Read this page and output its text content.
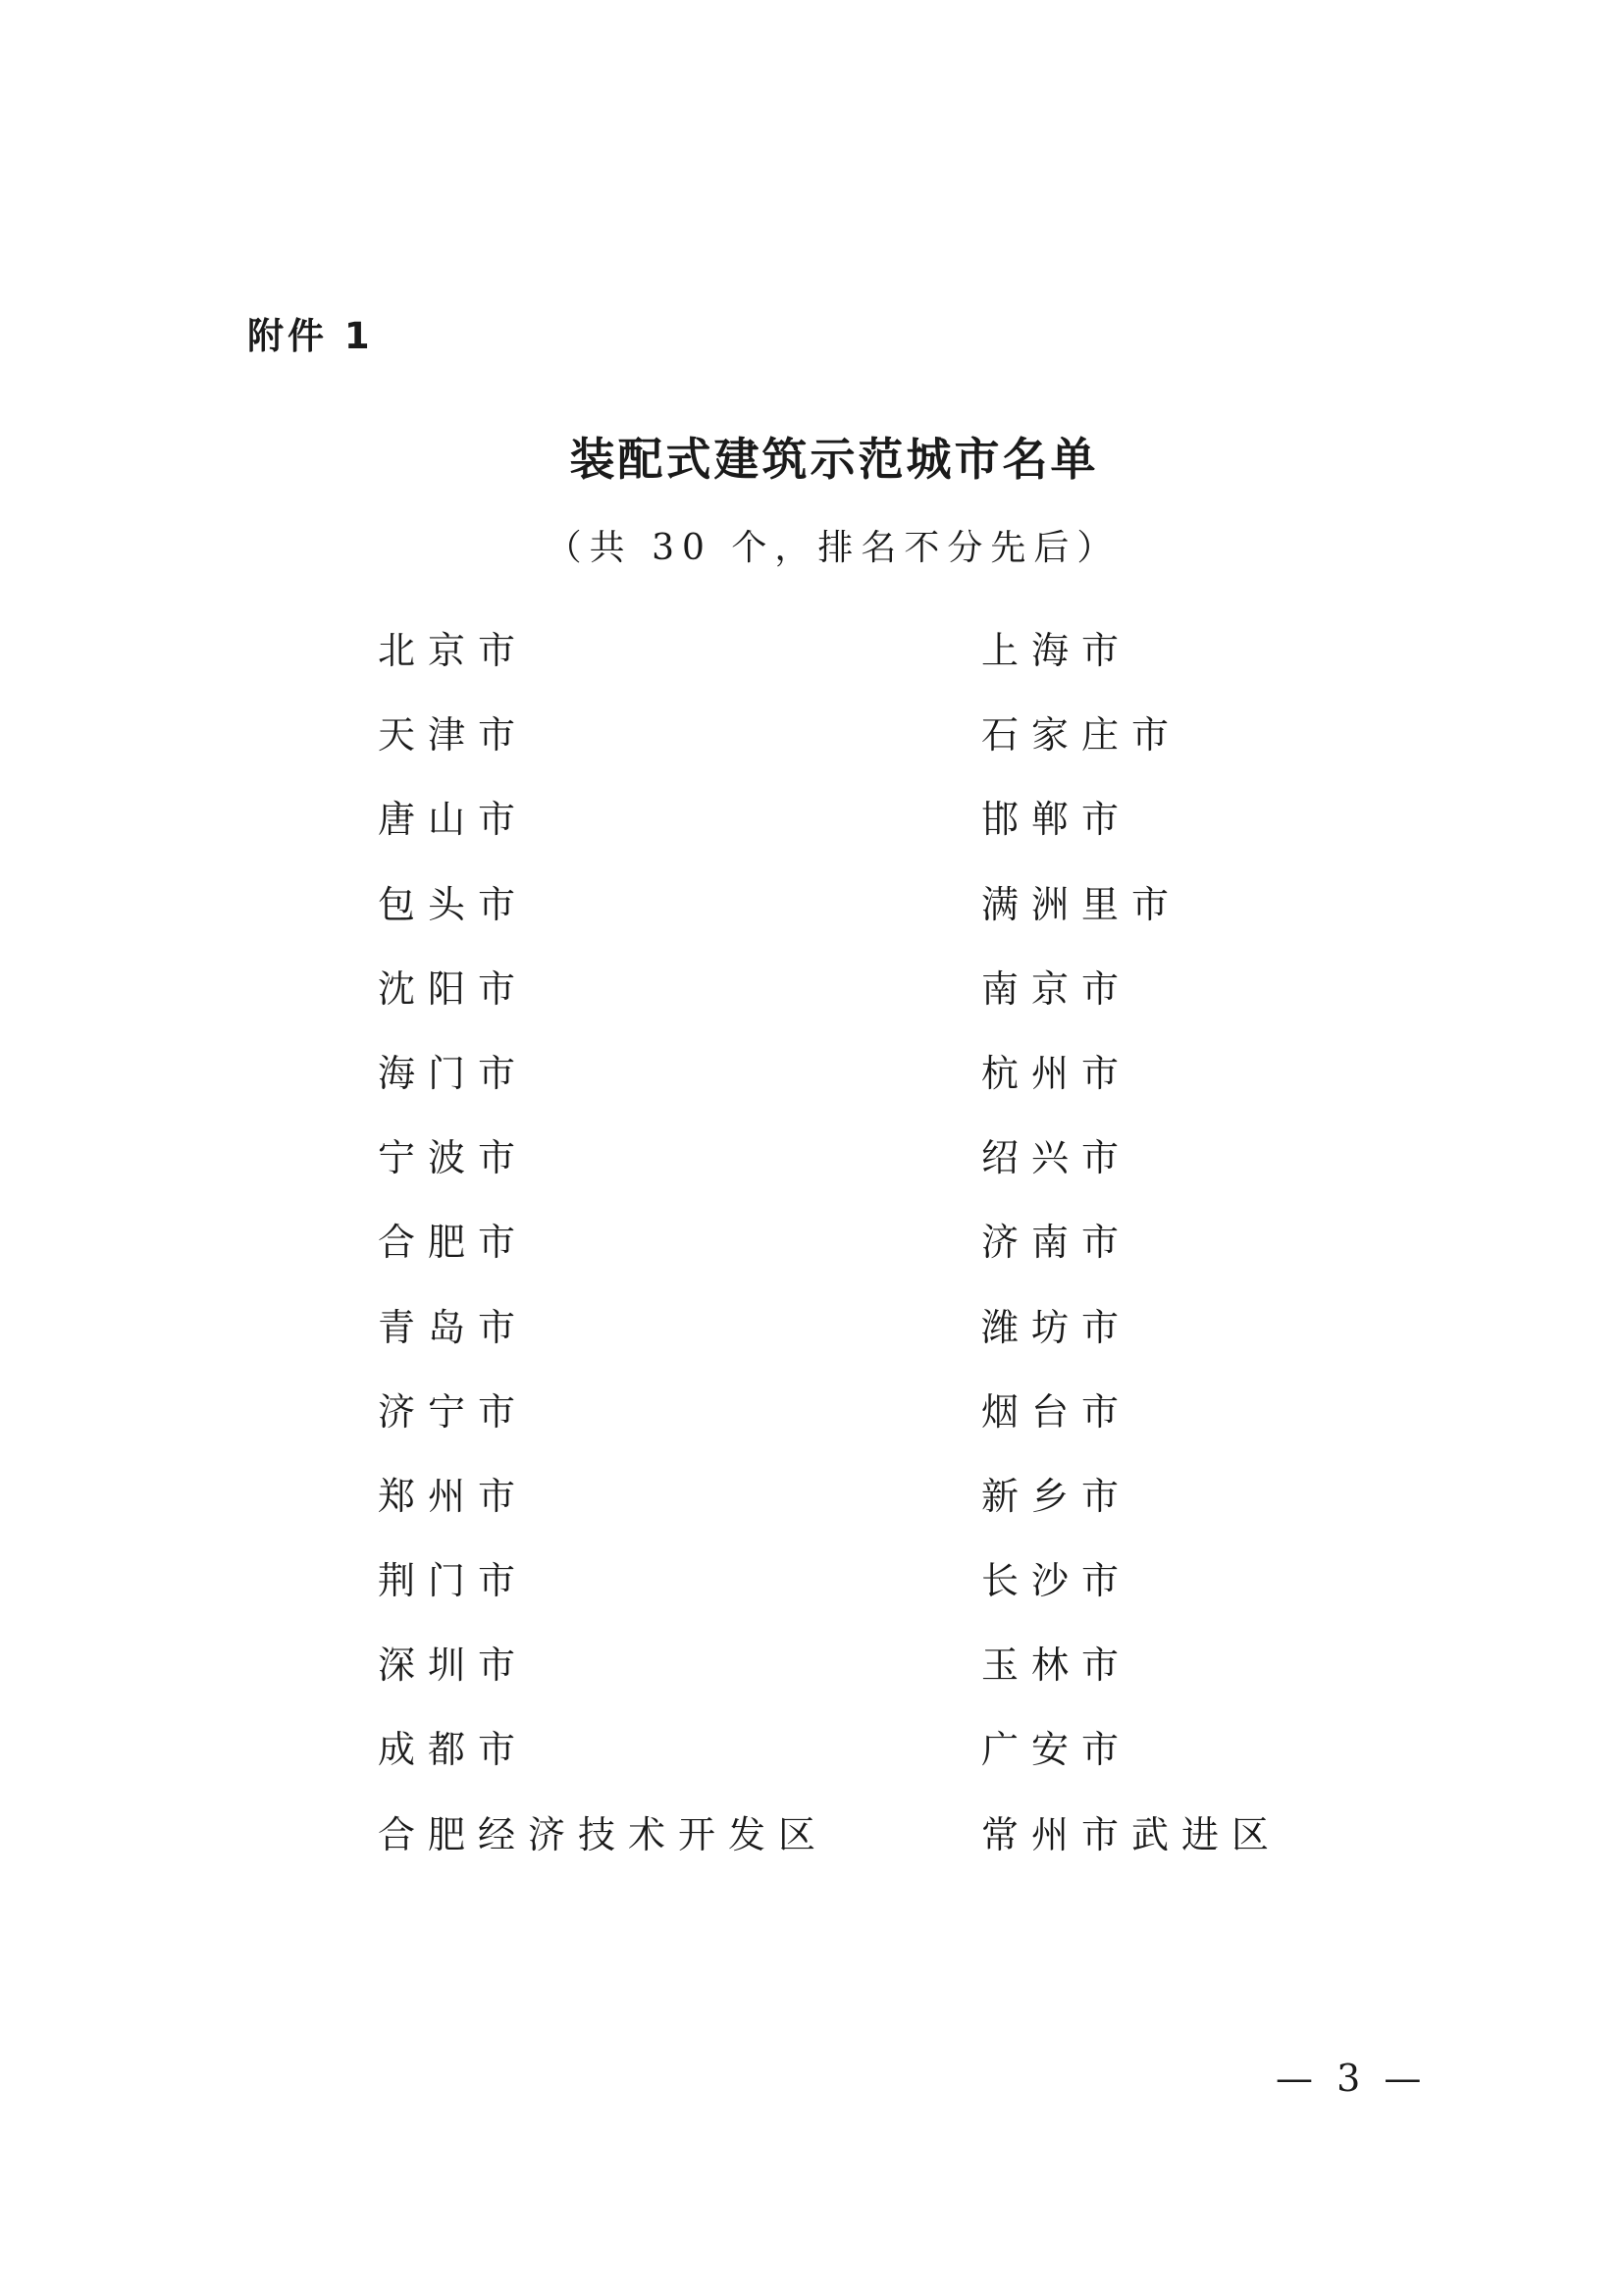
附件 1
装配式建筑示范城市名单
（共 30 个，排名不分先后）
北京市	上海市
天津市	石家庄市
唐山市	邯郸市
包头市	满洲里市
沈阳市	南京市
海门市	杭州市
宁波市	绍兴市
合肥市	济南市
青岛市	潍坊市
济宁市	烟台市
郑州市	新乡市
荆门市	长沙市
深圳市	玉林市
成都市	广安市
合肥经济技术开发区	常州市武进区
— 3 —
